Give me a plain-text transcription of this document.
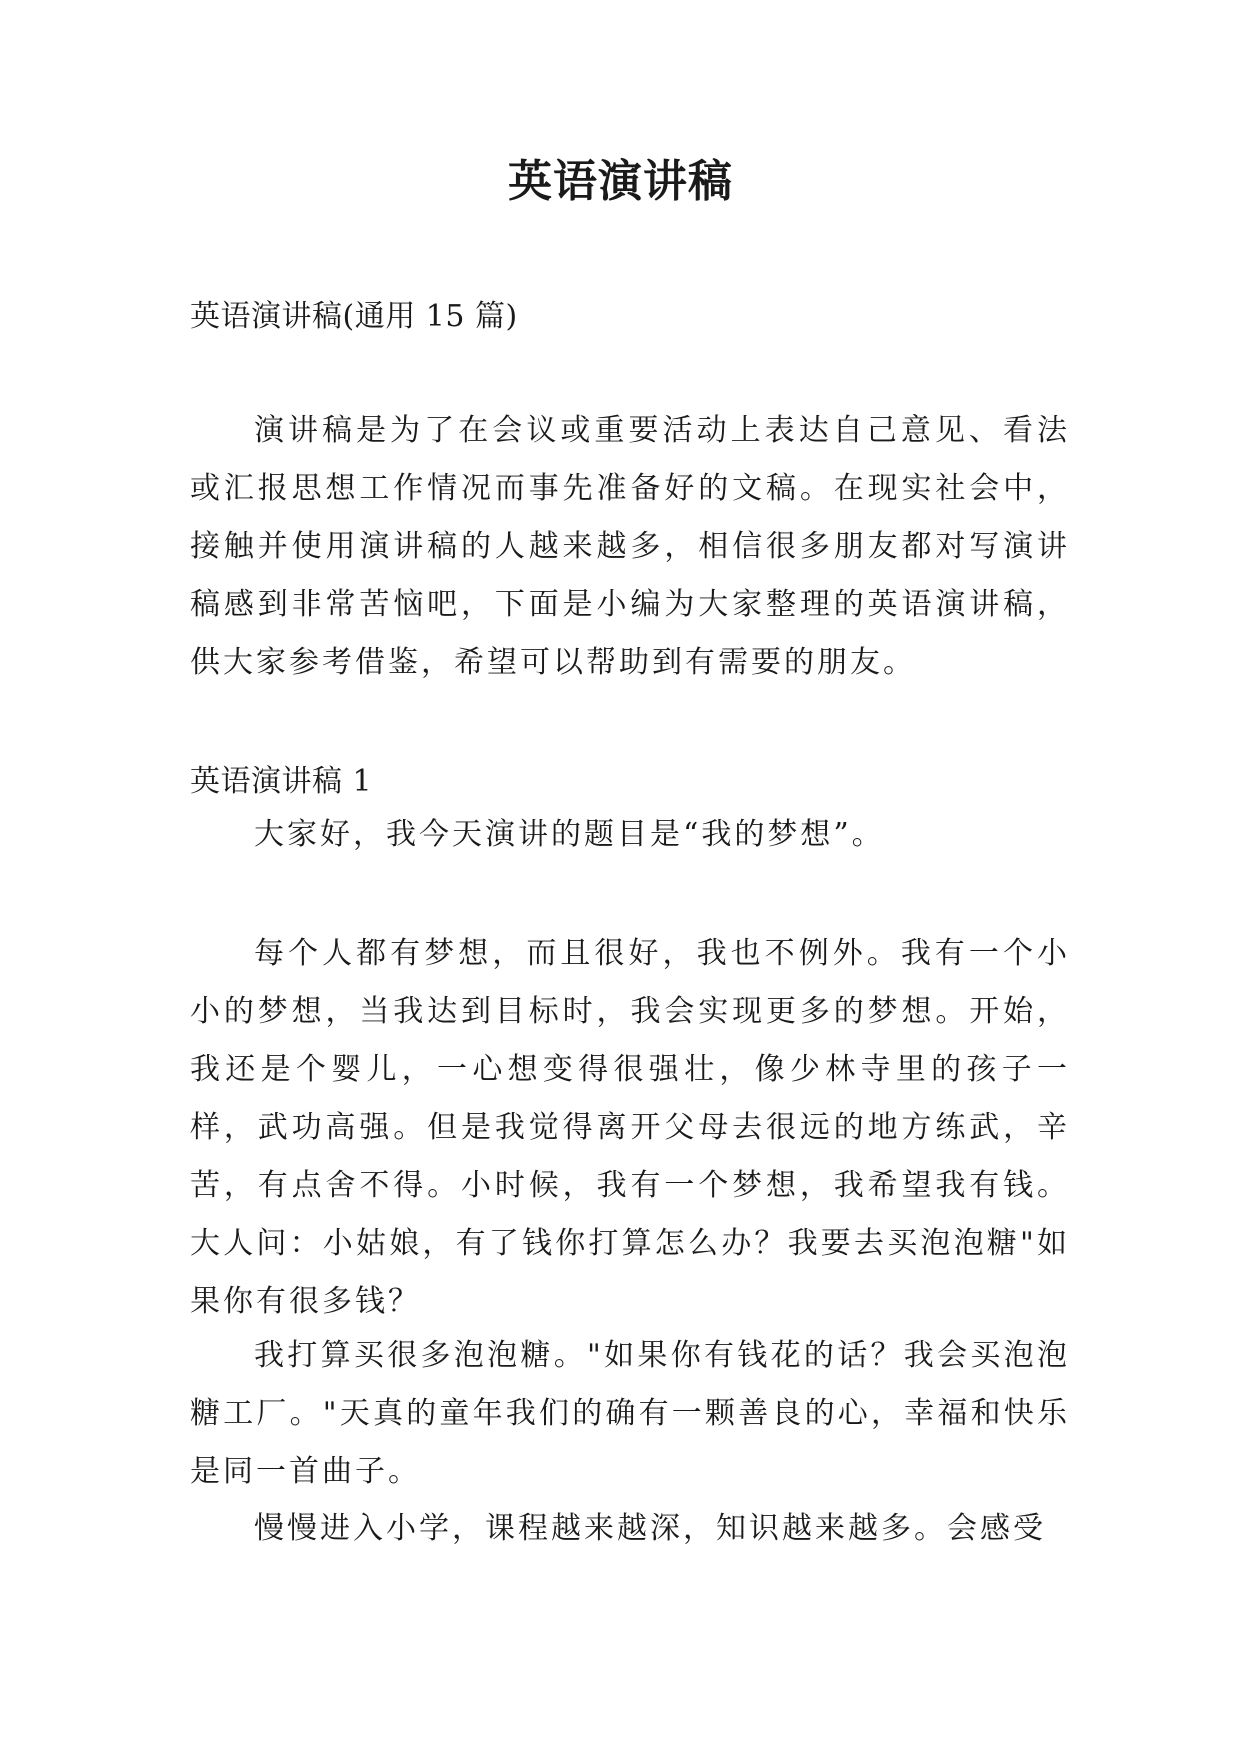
英语演讲稿

英语演讲稿(通用 15 篇)

演讲稿是为了在会议或重要活动上表达自己意见、看法或汇报思想工作情况而事先准备好的文稿。在现实社会中，接触并使用演讲稿的人越来越多，相信很多朋友都对写演讲稿感到非常苦恼吧，下面是小编为大家整理的英语演讲稿，供大家参考借鉴，希望可以帮助到有需要的朋友。

英语演讲稿 1

大家好，我今天演讲的题目是“我的梦想”。

每个人都有梦想，而且很好，我也不例外。我有一个小小的梦想，当我达到目标时，我会实现更多的梦想。开始，我还是个婴儿，一心想变得很强壮，像少林寺里的孩子一样，武功高强。但是我觉得离开父母去很远的地方练武，辛苦，有点舍不得。小时候，我有一个梦想，我希望我有钱。大人问：小姑娘，有了钱你打算怎么办？我要去买泡泡糖"如果你有很多钱？

我打算买很多泡泡糖。"如果你有钱花的话？我会买泡泡糖工厂。"天真的童年我们的确有一颗善良的心，幸福和快乐是同一首曲子。

慢慢进入小学，课程越来越深，知识越来越多。会感受
